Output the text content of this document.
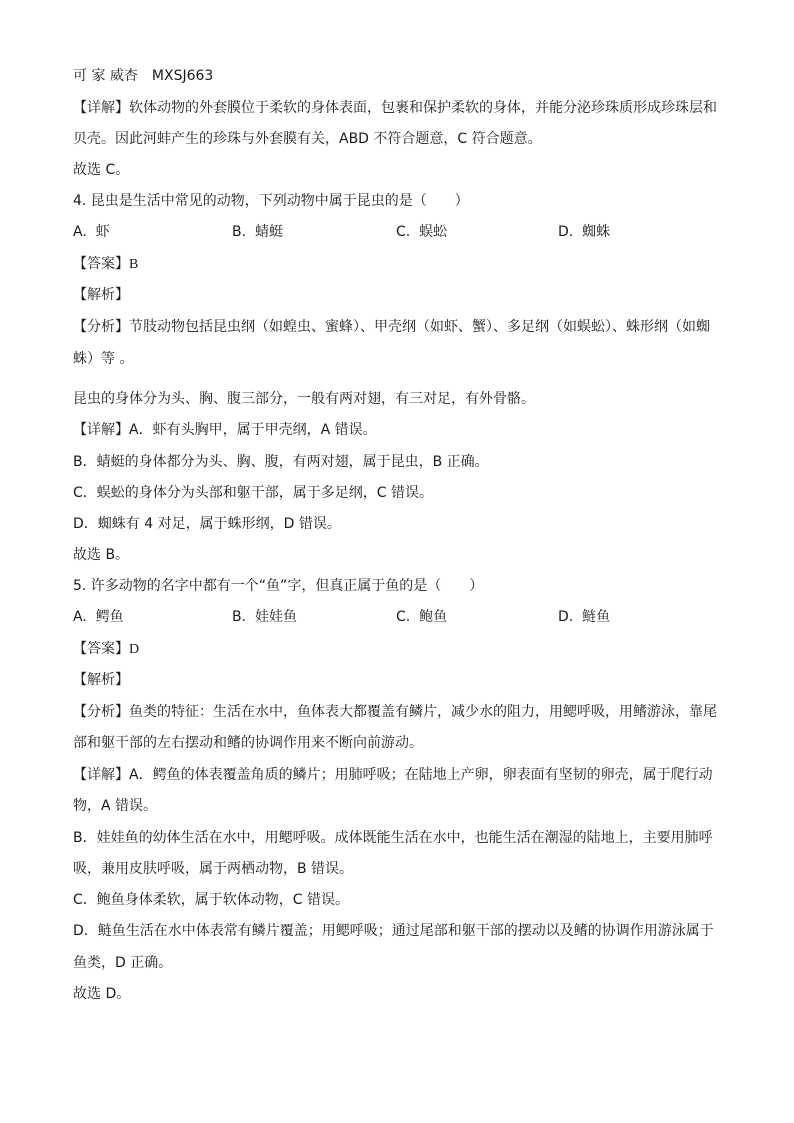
可 家 威杏　MXSJ663
【详解】软体动物的外套膜位于柔软的身体表面，包裹和保护柔软的身体，并能分泌珍珠质形成珍珠层和
贝壳。因此河蚌产生的珍珠与外套膜有关，ABD 不符合题意，C 符合题意。
故选 C。
4. 昆虫是生活中常见的动物，下列动物中属于昆虫的是（　　）
A. 虾	B. 蜻蜓	C. 蜈蚣	D. 蜘蛛
【答案】B
【解析】
【分析】节肢动物包括昆虫纲（如蝗虫、蜜蜂）、甲壳纲（如虾、蟹）、多足纲（如蜈蚣）、蛛形纲（如蜘
蛛）等 。
昆虫的身体分为头、胸、腹三部分，一般有两对翅，有三对足，有外骨骼。
【详解】A．虾有头胸甲，属于甲壳纲，A 错误。
B．蜻蜓的身体都分为头、胸、腹，有两对翅，属于昆虫，B 正确。
C．蜈蚣的身体分为头部和躯干部，属于多足纲，C 错误。
D．蜘蛛有 4 对足，属于蛛形纲，D 错误。
故选 B。
5. 许多动物的名字中都有一个“鱼”字，但真正属于鱼的是（　　）
A. 鳄鱼	B. 娃娃鱼	C. 鲍鱼	D. 鲢鱼
【答案】D
【解析】
【分析】鱼类的特征：生活在水中，鱼体表大都覆盖有鳞片，减少水的阻力，用鳃呼吸，用鳍游泳，靠尾
部和躯干部的左右摆动和鳍的协调作用来不断向前游动。
【详解】A．鳄鱼的体表覆盖角质的鳞片；用肺呼吸；在陆地上产卵，卵表面有坚韧的卵壳，属于爬行动
物，A 错误。
B．娃娃鱼的幼体生活在水中，用鳃呼吸。成体既能生活在水中，也能生活在潮湿的陆地上，主要用肺呼
吸，兼用皮肤呼吸，属于两栖动物，B 错误。
C．鲍鱼身体柔软，属于软体动物，C 错误。
D．鲢鱼生活在水中体表常有鳞片覆盖；用鳃呼吸；通过尾部和躯干部的摆动以及鳍的协调作用游泳属于
鱼类，D 正确。
故选 D。
